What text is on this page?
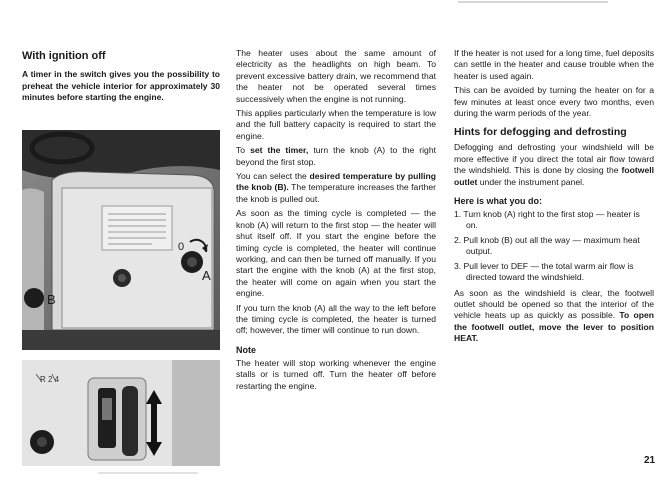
With ignition off

A timer in the switch gives you the possibility to preheat the vehicle interior for approximately 30 minutes before starting the engine.

0
A
B
R 2 4

The heater uses about the same amount of electricity as the headlights on high beam. To prevent excessive battery drain, we recommend that the heater not be operated several times successively when the engine is not running.

This applies particularly when the temperature is low and the full battery capacity is required to start the engine.

To set the timer, turn the knob (A) to the right beyond the first stop.

You can select the desired temperature by pulling the knob (B). The temperature increases the farther the knob is pulled out.

As soon as the timing cycle is completed — the knob (A) will return to the first stop — the heater will shut itself off. If you start the engine before the timing cycle is completed, the heater will continue working, and can then be turned off manually. If you start the engine with the knob (A) at the first stop, the heater will come on again when you start the engine.

If you turn the knob (A) all the way to the left before the timing cycle is completed, the heater is turned off; however, the timer will continue to run down.

Note

The heater will stop working whenever the engine stalls or is turned off. Turn the heater off before restarting the engine.

If the heater is not used for a long time, fuel deposits can settle in the heater and cause trouble when the heater is used again.

This can be avoided by turning the heater on for a few minutes at least once every two months, even during the warm periods of the year.

Hints for defogging and defrosting

Defogging and defrosting your windshield will be more effective if you direct the total air flow toward the windshield. This is done by closing the footwell outlet under the instrument panel.

Here is what you do:
1. Turn knob (A) right to the first stop — heater is on.
2. Pull knob (B) out all the way — maximum heat output.
3. Pull lever to DEF — the total warm air flow is directed toward the windshield.

As soon as the windshield is clear, the footwell outlet should be opened so that the interior of the vehicle heats up as quickly as possible. To open the footwell outlet, move the lever to position HEAT.

21
